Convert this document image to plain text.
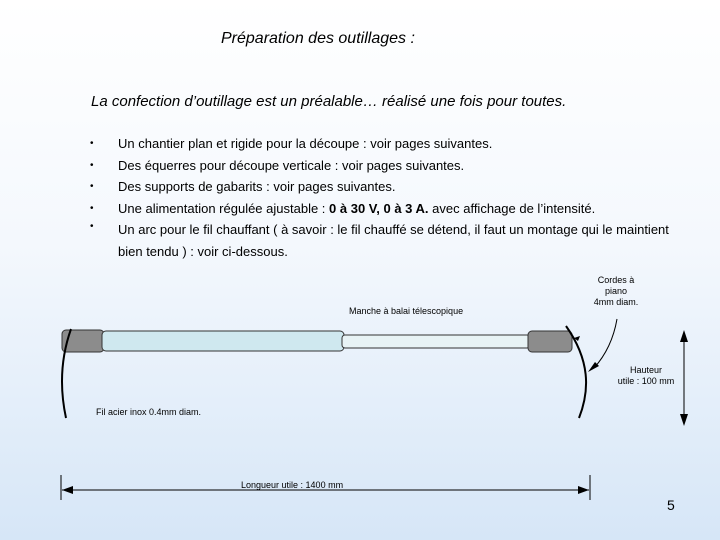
Préparation des outillages :
La confection d’outillage est un préalable… réalisé une fois pour toutes.
• Un chantier plan et rigide pour la découpe : voir pages suivantes.
• Des équerres pour découpe verticale : voir pages suivantes.
• Des supports de gabarits : voir pages suivantes.
• Une alimentation régulée ajustable : 0 à 30 V, 0 à 3 A. avec affichage de l’intensité.
• Un arc pour le fil chauffant ( à savoir : le fil chauffé se détend, il faut un montage qui le maintient bien tendu ) : voir ci-dessous.
Manche à balai télescopique
Cordes à
piano
4mm diam.
Hauteur
utile : 100 mm
Fil acier inox 0.4mm diam.
Longueur utile : 1400 mm
5
